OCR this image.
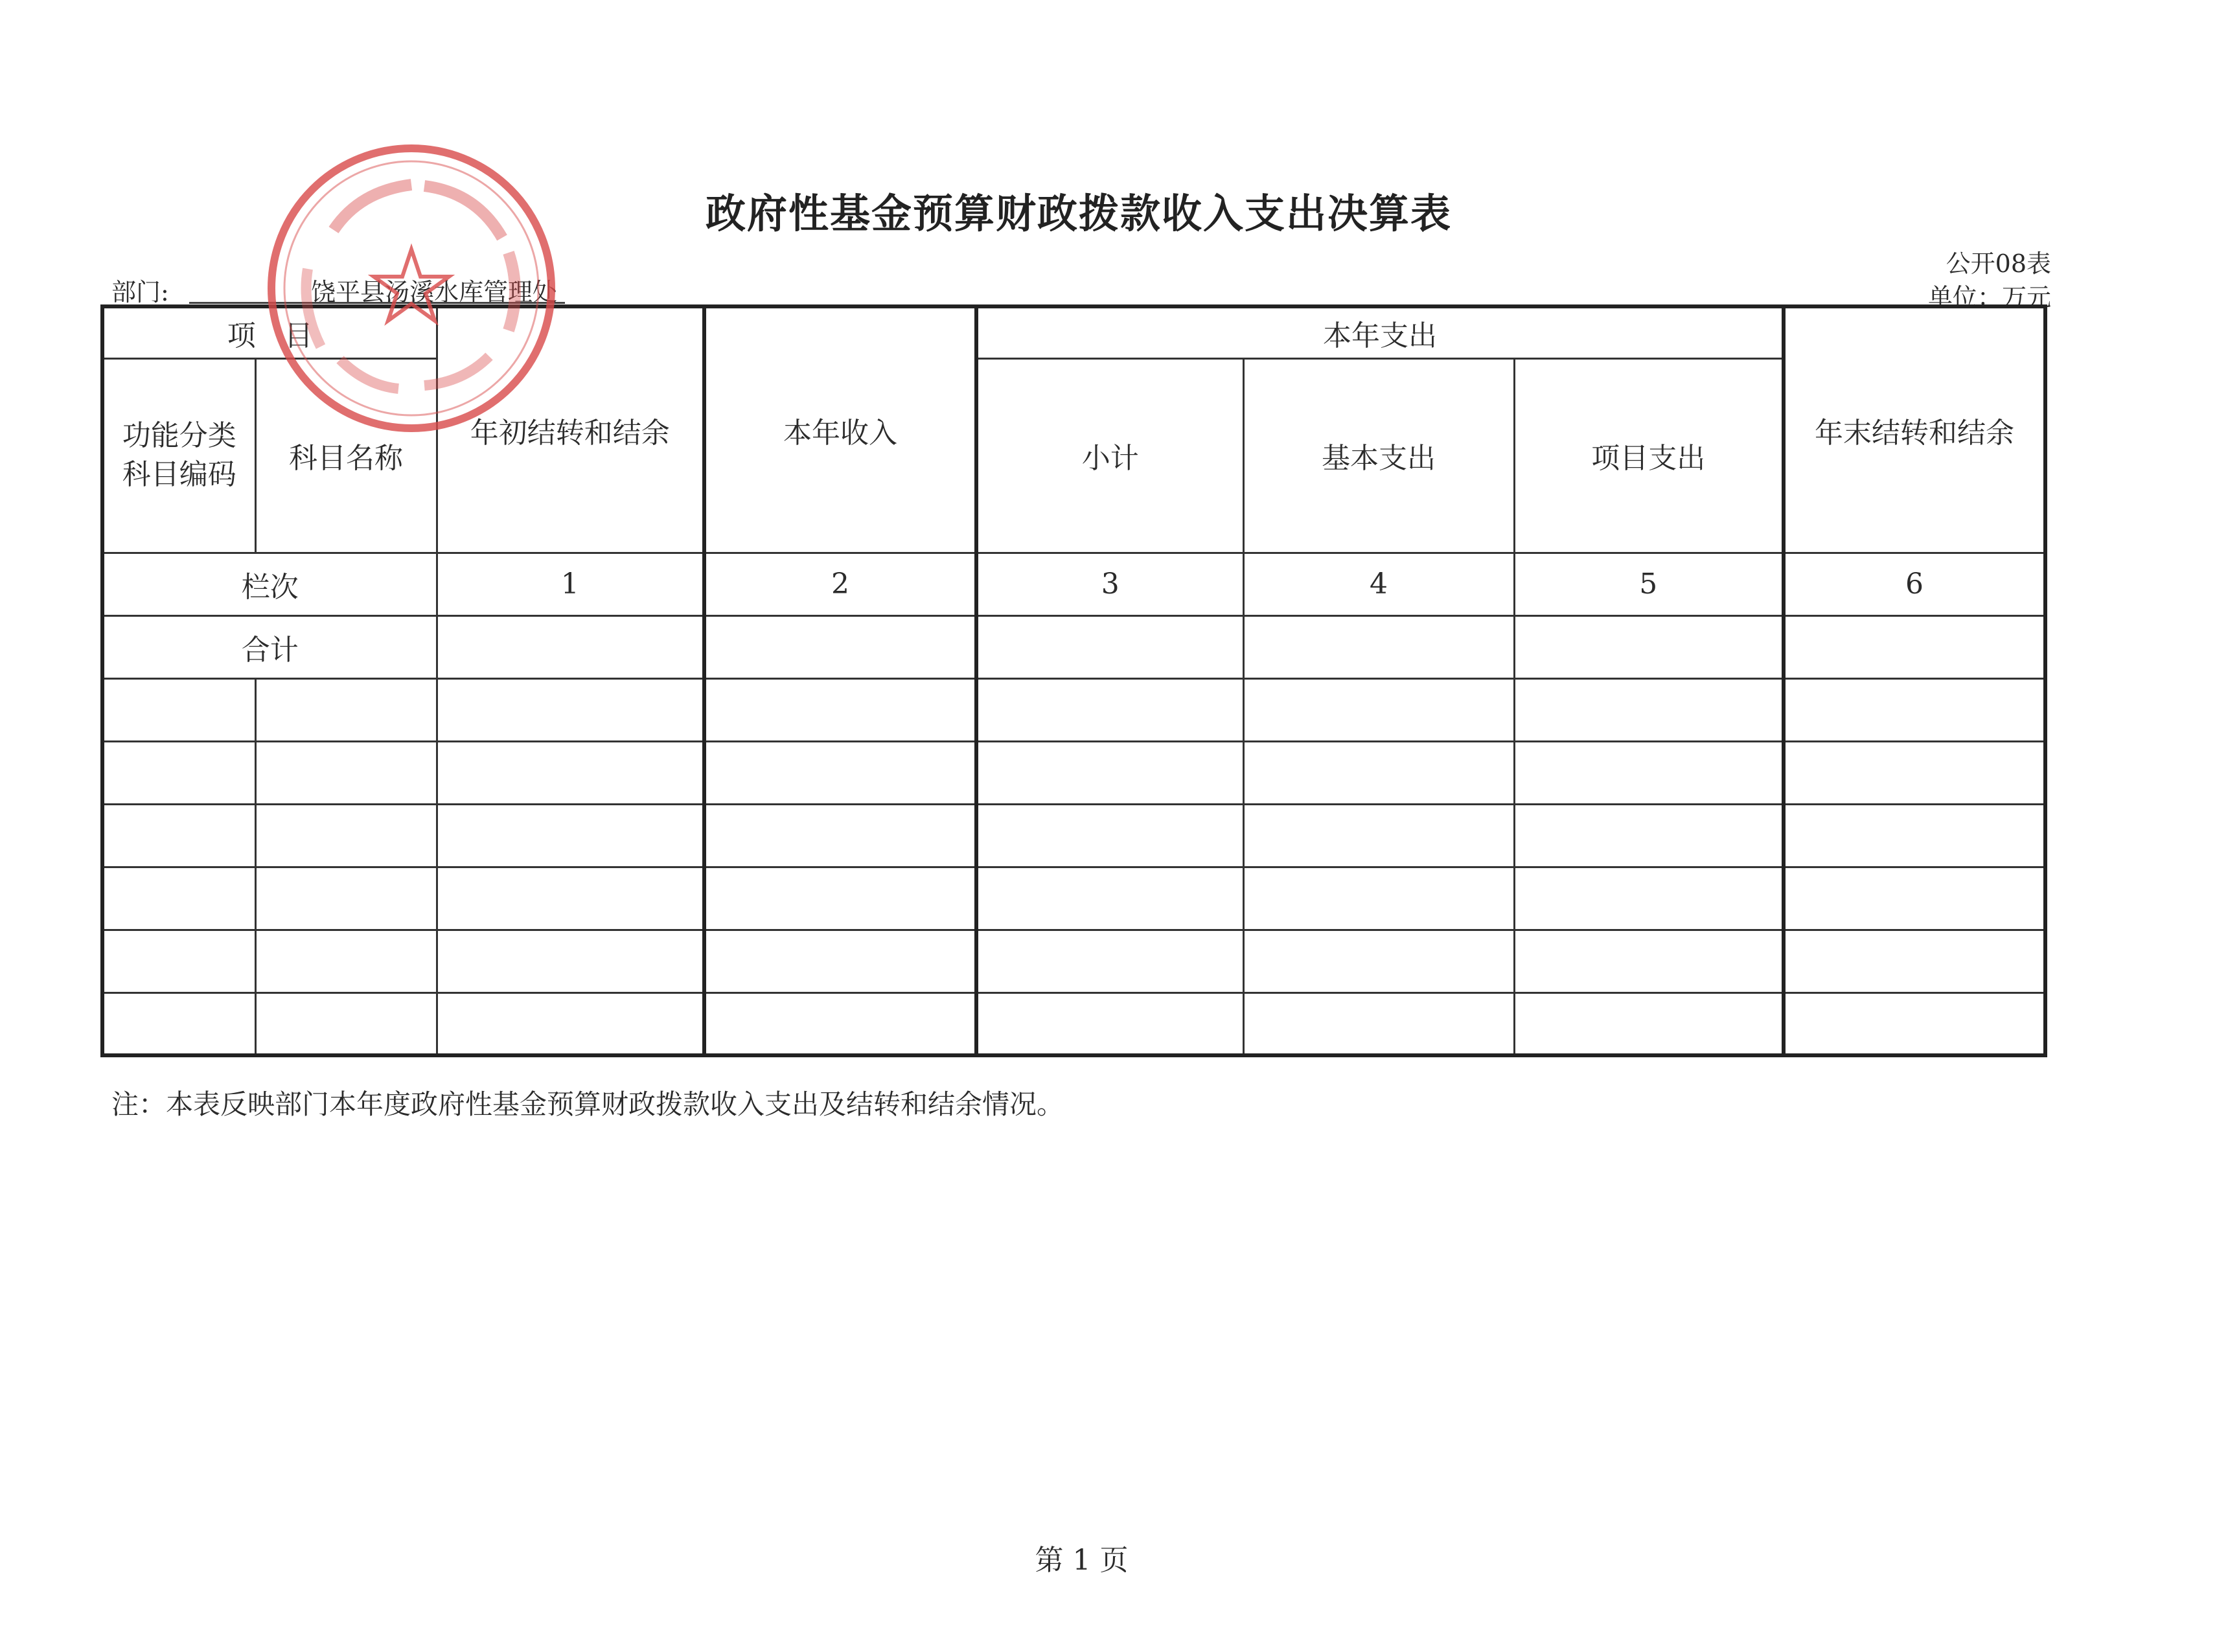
政府性基金预算财政拨款收入支出决算表
公开08表
单位：万元
部门:	饶平县汤溪水库管理处
项　目		年初结转和结余	本年收入	本年支出			年末结转和结余

功能分类
科目编码	科目名称			小计	基本支出	项目支出	
栏次		1	2	3	4	5	6
合计							

注：本表反映部门本年度政府性基金预算财政拨款收入支出及结转和结余情况。
第 1 页
